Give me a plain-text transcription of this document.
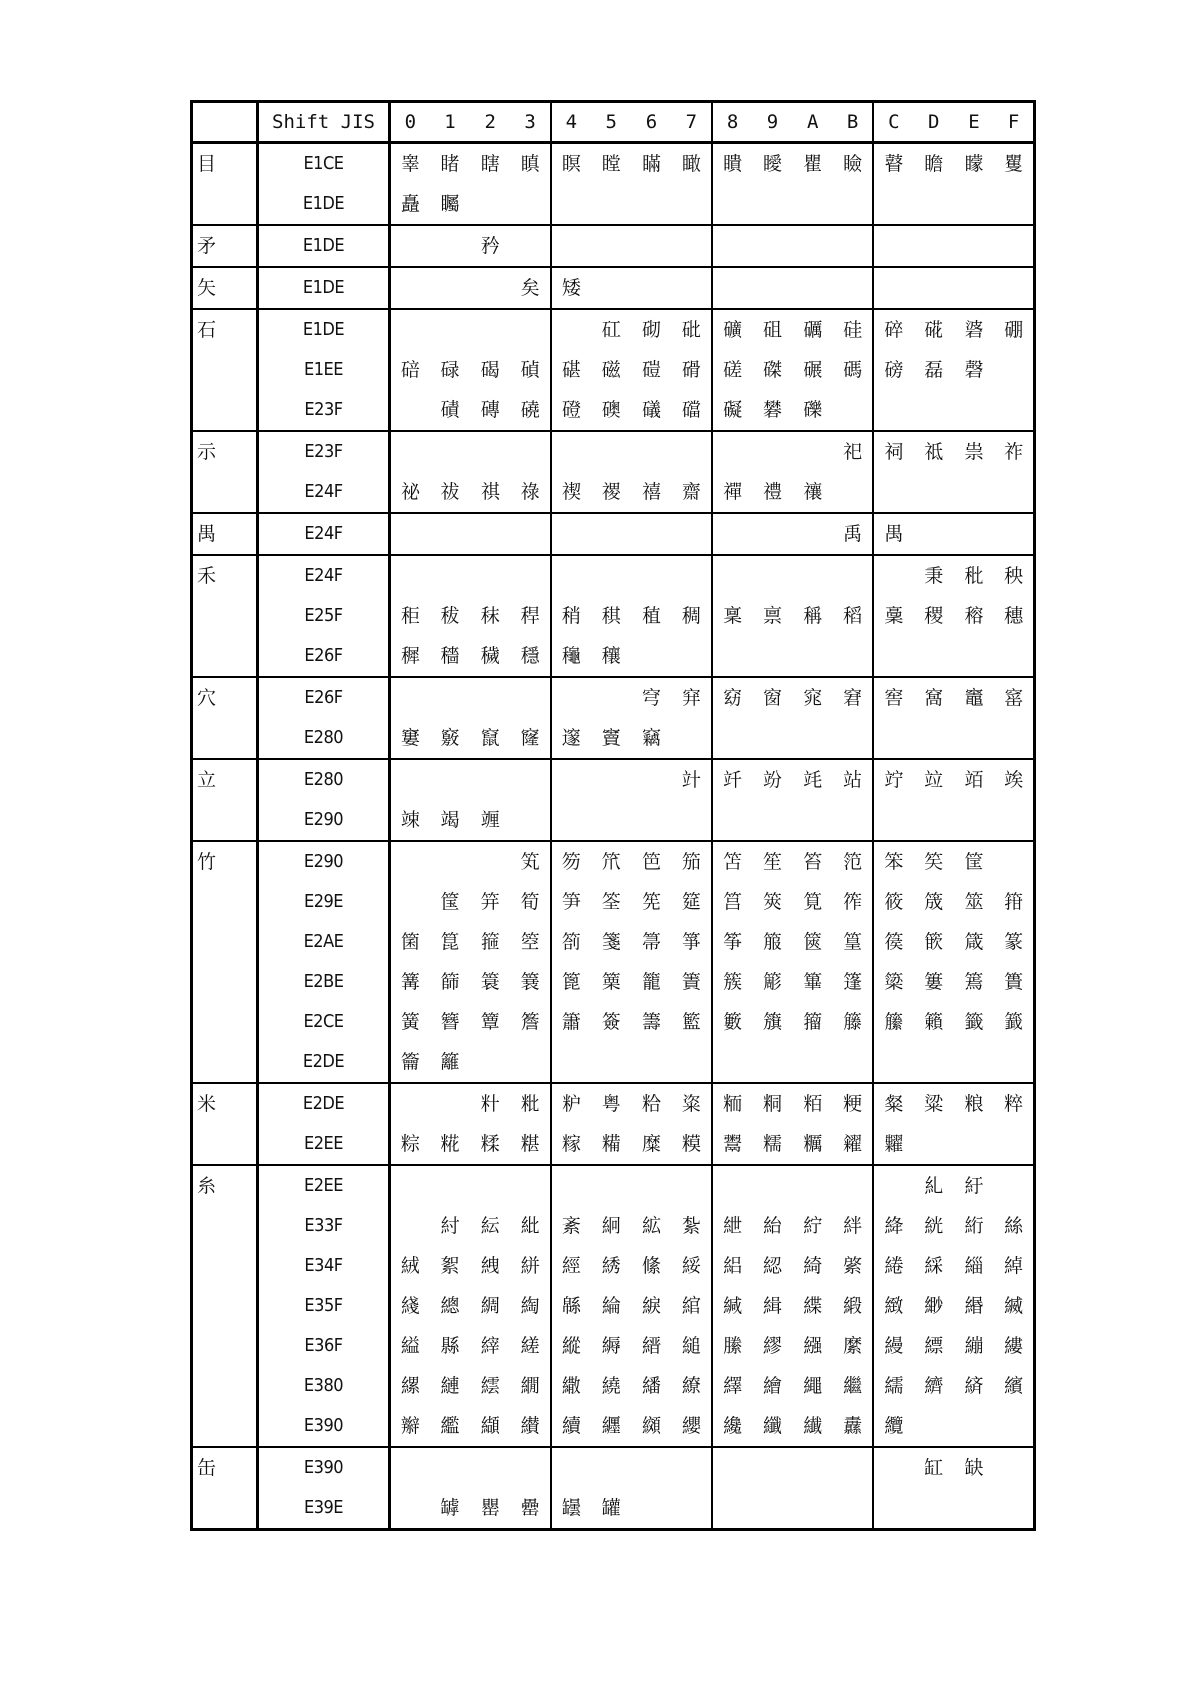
	Shift JIS	0	1	2	3	4	5	6	7	8	9	A	B	C	D	E	F
目	E1CE	睾	睹	瞎	瞋	瞑	瞠	瞞	瞰	瞶	瞹	瞿	瞼	瞽	瞻	矇	矍
	E1DE	矗	矚														
矛	E1DE			矜													
矢	E1DE				矣	矮											
石	E1DE						矼	砌	砒	礦	砠	礪	硅	碎	硴	碆	硼
	E1EE	碚	碌	碣	碵	碪	磁	磑	磆	磋	磔	碾	碼	磅	磊	磬	
	E23F		磧	磚	磽	磴	礇	礒	礑	礙	礬	礫					
示	E23F												祀	祠	祗	祟	祚
	E24F	祕	祓	祺	祿	禊	禝	禧	齋	禪	禮	禳					
禺	E24F												禹	禺			
禾	E24F														秉	秕	秧
	E25F	秬	秡	秣	稈	稍	稘	稙	稠	稟	禀	稱	稻	稾	稷	穃	穗
	E26F	穉	穡	穢	穩	龝	穰										
穴	E26F							穹	穽	窈	窗	窕	窘	窖	窩	竈	窰
	E280	窶	竅	竄	窿	邃	竇	竊									
立	E280								竍	竏	竕	竓	站	竚	竝	竡	竢
	E290	竦	竭	竰													
竹	E290				笂	笏	笊	笆	笳	笘	笙	笞	笵	笨	笶	筐	
	E29E		筺	笄	筍	笋	筌	筅	筵	筥	筴	筧	筰	筱	筬	筮	箝
	E2AE	箘	箟	箍	箜	箚	箋	箒	箏	筝	箙	篋	篁	篌	篏	箴	篆
	E2BE	篝	篩	簑	簔	篦	篥	籠	簀	簇	簓	篳	篷	簗	簍	篶	簣
	E2CE	簧	簪	簟	簷	簫	簽	籌	籃	籔	籏	籀	籐	籘	籟	籤	籖
	E2DE	籥	籬														
米	E2DE			籵	粃	粐	粤	粭	粢	粫	粡	粨	粳	粲	粱	粮	粹
	E2EE	粽	糀	糅	糂	糘	糒	糜	糢	鬻	糯	糲	糴	糶			
糸	E2EE														糺	紆	
	E33F		紂	紜	紕	紊	絅	絋	紮	紲	紿	紵	絆	絳	絖	絎	絲
	E34F	絨	絮	絏	絣	經	綉	絛	綏	絽	綛	綺	綮	綣	綵	緇	綽
	E35F	綫	總	綢	綯	緜	綸	綟	綰	緘	緝	緤	緞	緻	緲	緡	縅
	E36F	縊	縣	縡	縒	縱	縟	縉	縋	縢	繆	繦	縻	縵	縹	繃	縷
	E380	縲	縺	繧	繝	繖	繞	繙	繚	繹	繪	繩	繼	繻	纃	緕	繽
	E390	辮	繿	纈	纉	續	纒	纐	纓	纔	纖	纎	纛	纜			
缶	E390														缸	缺	
	E39E		罅	罌	罍	罎	罐										
